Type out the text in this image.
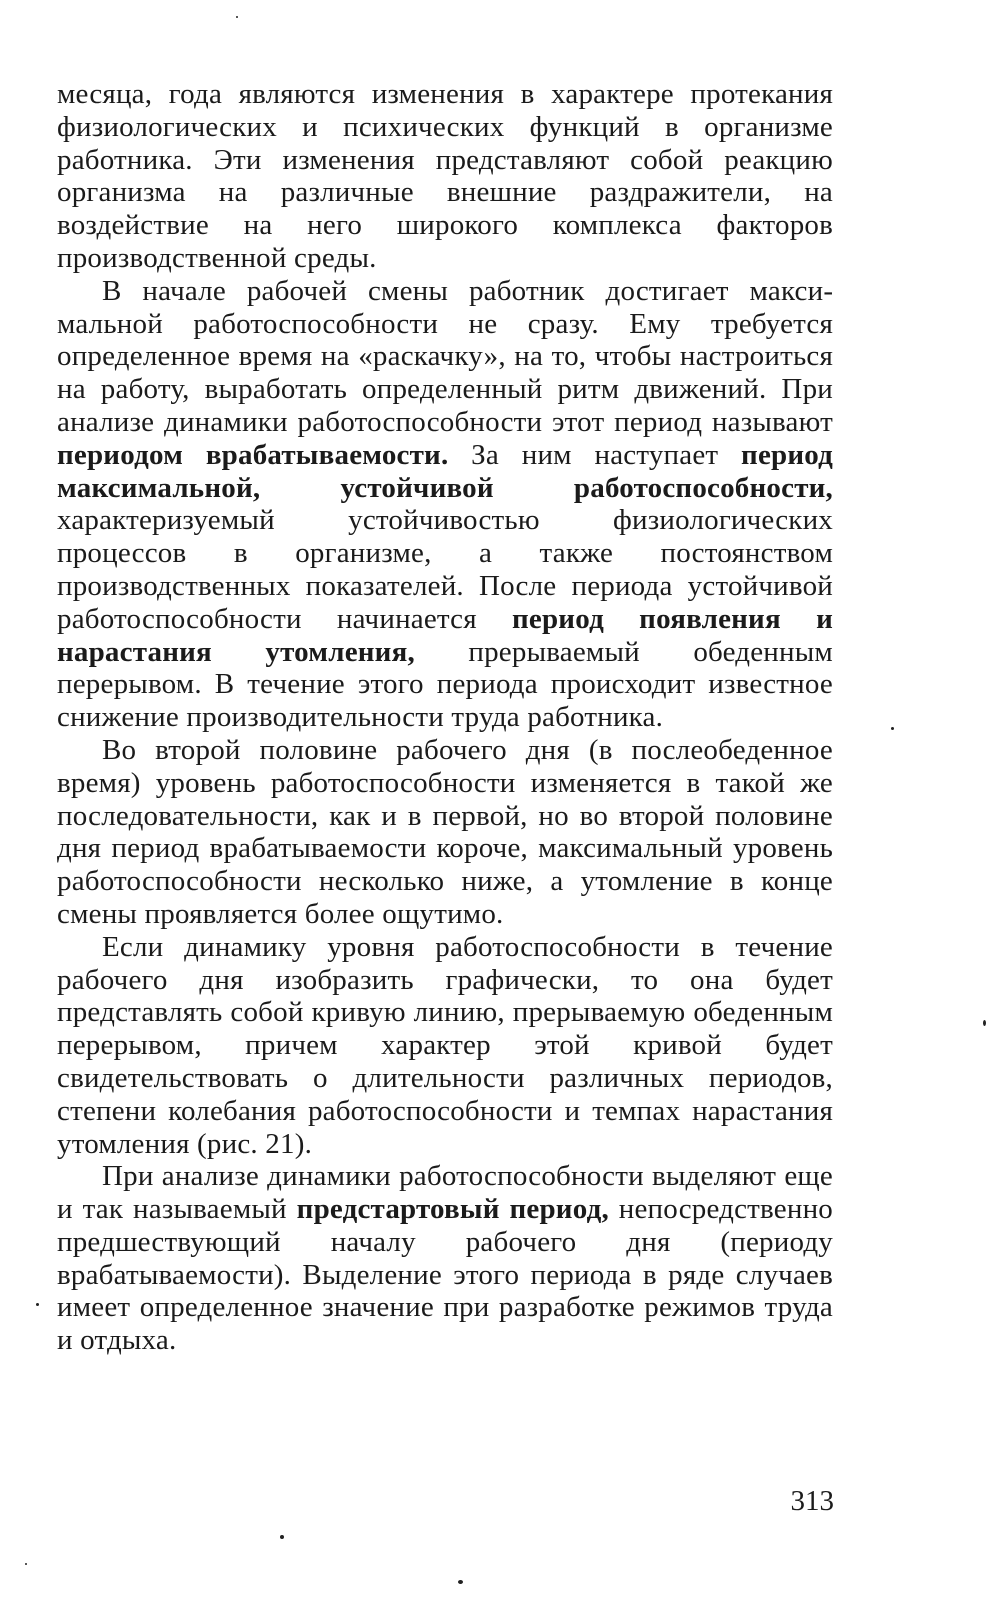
месяца, года являются изменения в характере протекания физиологических и психических функций в организме работника. Эти изменения представляют собой реакцию организма на различные внешние раздражители, на воздействие на него широкого комплекса факторов производственной среды.

В начале рабочей смены работник достигает максимальной работоспособности не сразу. Ему требуется определенное время на «раскачку», на то, чтобы настроиться на работу, выработать определенный ритм движений. При анализе динамики работоспособности этот период называют периодом врабатываемости. За ним наступает период максимальной, устойчивой работоспособности, характеризуемый устойчивостью физиологических процессов в организме, а также постоянством производственных показателей. После периода устойчивой работоспособности начинается период появления и нарастания утомления, прерываемый обеденным перерывом. В течение этого периода происходит известное снижение производительности труда работника.

Во второй половине рабочего дня (в послеобеденное время) уровень работоспособности изменяется в такой же последовательности, как и в первой, но во второй половине дня период врабатываемости короче, максимальный уровень работоспособности несколько ниже, а утомление в конце смены проявляется более ощутимо.

Если динамику уровня работоспособности в течение рабочего дня изобразить графически, то она будет представлять собой кривую линию, прерываемую обеденным перерывом, причем характер этой кривой будет свидетельствовать о длительности различных периодов, степени колебания работоспособности и темпах нарастания утомления (рис. 21).

При анализе динамики работоспособности выделяют еще и так называемый предстартовый период, непосредственно предшествующий началу рабочего дня (периоду врабатываемости). Выделение этого периода в ряде случаев имеет определенное значение при разработке режимов труда и отдыха.

313
